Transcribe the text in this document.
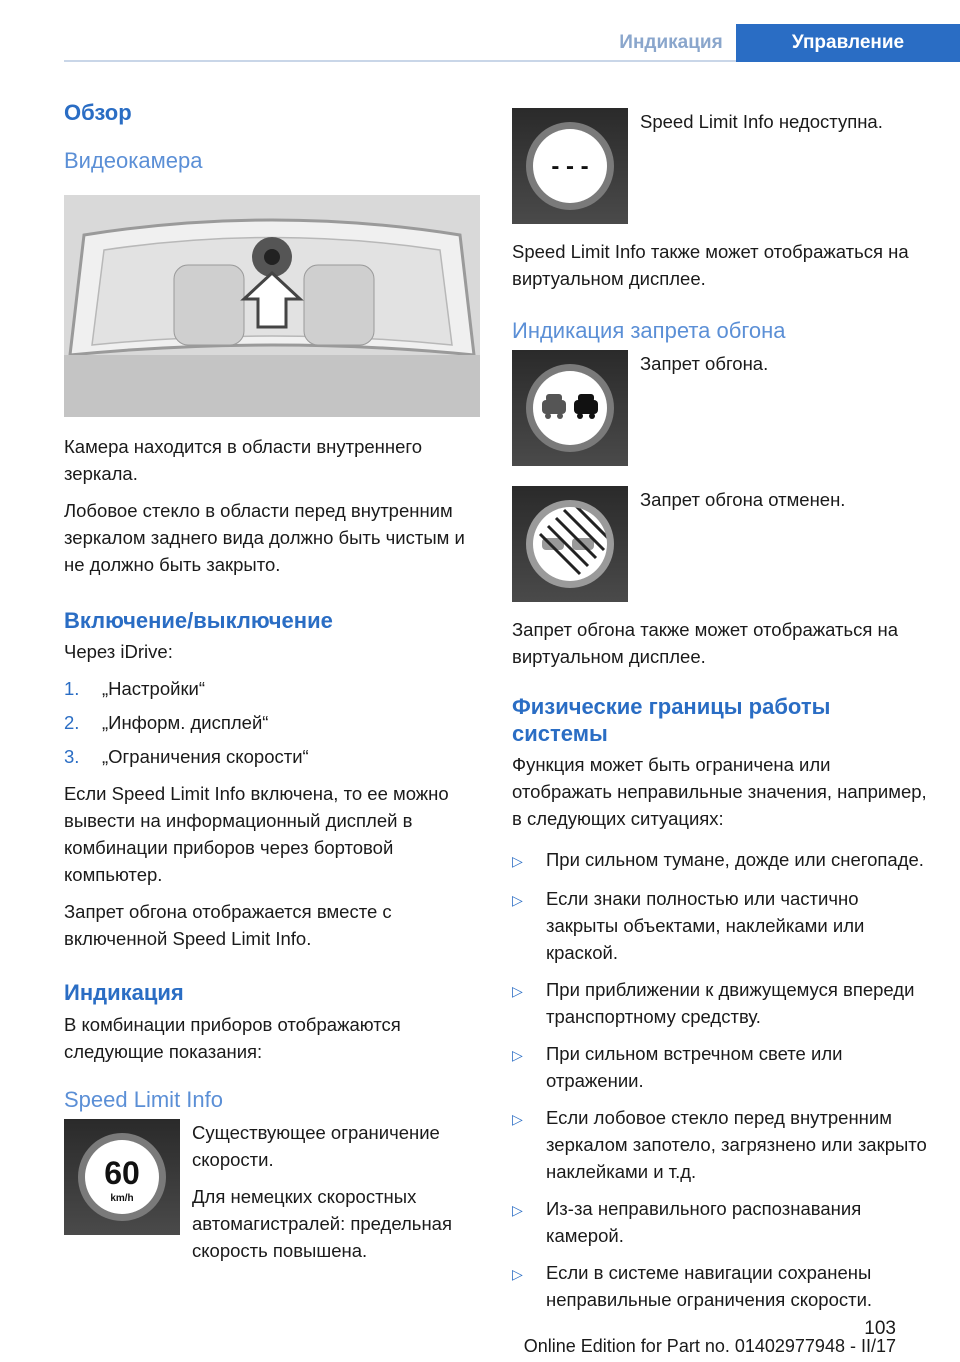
Индикация	Управление
Обзор
Видеокамера

Камера находится в области внутреннего зеркала.

Лобовое стекло в области перед внутренним зеркалом заднего вида должно быть чистым и не должно быть закрыто.

Включение/выключение

Через iDrive:

1.	„Настройки“
2.	„Информ. дисплей“
3.	„Ограничения скорости“

Если Speed Limit Info включена, то ее можно вывести на информационный дисплей в комбинации приборов через бортовой компьютер.

Запрет обгона отображается вместе с включенной Speed Limit Info.

Индикация

В комбинации приборов отображаются следующие показания:

Speed Limit Info
60
km/h

Существующее ограничение скорости.

Для немецких скоростных автомагистралей: предельная скорость повышена.

- - -

Speed Limit Info недоступна.

Speed Limit Info также может отображаться на виртуальном дисплее.

Индикация запрета обгона

Запрет обгона.

Запрет обгона отменен.

Запрет обгона также может отображаться на виртуальном дисплее.

Физические границы работы системы

Функция может быть ограничена или отображать неправильные значения, например, в следующих ситуациях:

▷	При сильном тумане, дожде или снегопаде.
▷	Если знаки полностью или частично закрыты объектами, наклейками или краской.
▷	При приближении к движущемуся впереди транспортному средству.
▷	При сильном встречном свете или отражении.
▷	Если лобовое стекло перед внутренним зеркалом запотело, загрязнено или закрыто наклейками и т.д.
▷	Из-за неправильного распознавания камерой.
▷	Если в системе навигации сохранены неправильные ограничения скорости.
103
Online Edition for Part no. 01402977948 - II/17
